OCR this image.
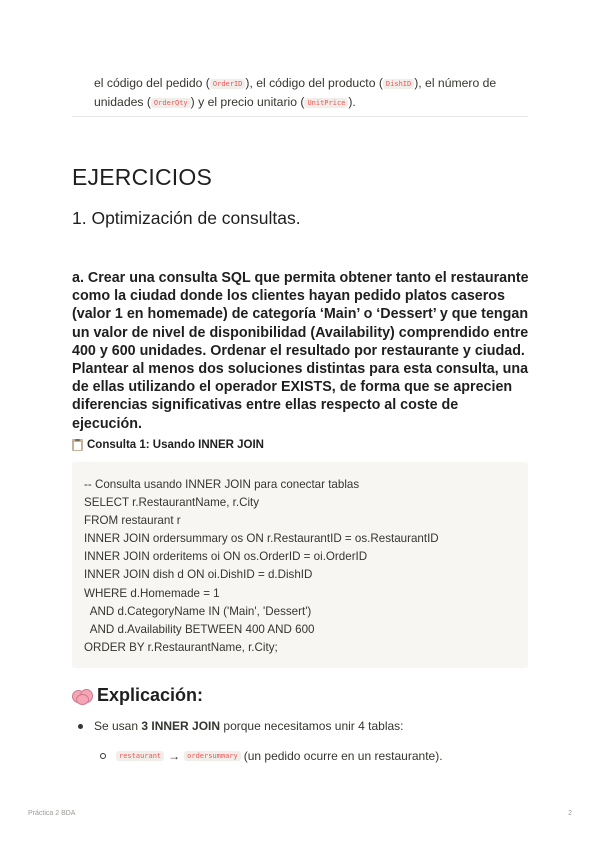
el código del pedido ( OrderID ), el código del producto ( DishID ), el número de unidades ( OrderQty ) y el precio unitario ( UnitPrice ).
EJERCICIOS
1. Optimización de consultas.
a. Crear una consulta SQL que permita obtener tanto el restaurante como la ciudad donde los clientes hayan pedido platos caseros (valor 1 en homemade) de categoría ‘Main’ o ‘Dessert’ y que tengan un valor de nivel de disponibilidad (Availability) comprendido entre 400 y 600 unidades. Ordenar el resultado por restaurante y ciudad. Plantear al menos dos soluciones distintas para esta consulta, una de ellas utilizando el operador EXISTS, de forma que se aprecien diferencias significativas entre ellas respecto al coste de ejecución.
Consulta 1: Usando INNER JOIN
-- Consulta usando INNER JOIN para conectar tablas
SELECT r.RestaurantName, r.City
FROM restaurant r
INNER JOIN ordersummary os ON r.RestaurantID = os.RestaurantID
INNER JOIN orderitems oi ON os.OrderID = oi.OrderID
INNER JOIN dish d ON oi.DishID = d.DishID
WHERE d.Homemade = 1
AND d.CategoryName IN ('Main', 'Dessert')
AND d.Availability BETWEEN 400 AND 600
ORDER BY r.RestaurantName, r.City;
Explicación:
Se usan 3 INNER JOIN porque necesitamos unir 4 tablas:
restaurant →	ordersummary (un pedido ocurre en un restaurante).
Práctica 2 BDA	2
